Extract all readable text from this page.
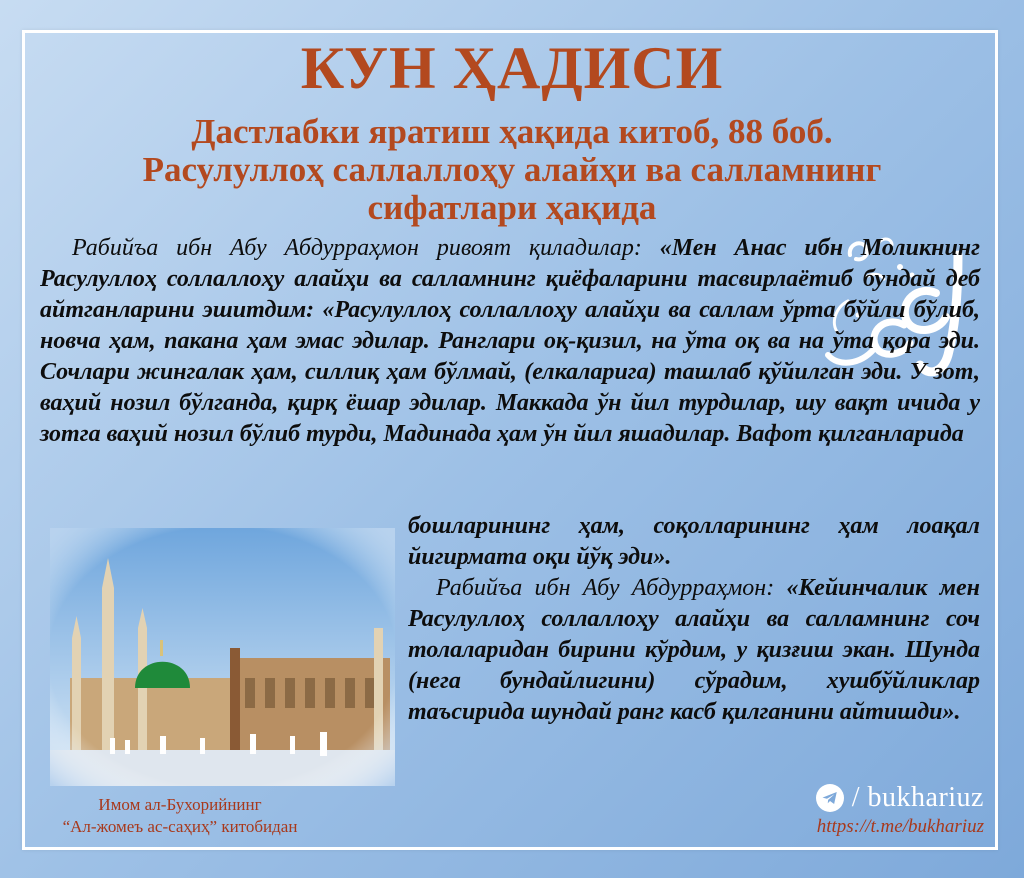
КУН ҲАДИСИ
Дастлабки яратиш ҳақида китоб, 88 боб.
Расулуллоҳ саллаллоҳу алайҳи ва салламнинг
сифатлари ҳақида

Рабийъа ибн Абу Абдурраҳмон ривоят қиладилар: «Мен Анас ибн Моликнинг Расулуллоҳ соллаллоҳу алайҳи ва салламнинг қиёфаларини тасвирлаётиб бундай деб айтганларини эшитдим: «Расулуллоҳ соллаллоҳу алайҳи ва саллам ўрта бўйли бўлиб, новча ҳам, пакана ҳам эмас эдилар. Ранглари оқ-қизил, на ўта оқ ва на ўта қора эди. Сочлари жингалак ҳам, силлиқ ҳам бўлмай, (елкаларига) ташлаб қўйилган эди. У зот, ваҳий нозил бўлганда, қирқ ёшар эдилар. Маккада ўн йил турдилар, шу вақт ичида у зотга ваҳий нозил бўлиб турди, Мадинада ҳам ўн йил яшадилар. Вафот қилганларида

бошларининг ҳам, соқолларининг ҳам лоақал йигирмата оқи йўқ эди».
Рабийъа ибн Абу Абдурраҳмон: «Кейинчалик мен Расулуллоҳ соллаллоҳу алайҳи ва салламнинг соч толаларидан бирини кўрдим, у қизғиш экан. Шунда (нега бундайлигини) сўрадим, хушбўйликлар таъсирида шундай ранг касб қилганини айтишди».

Имом ал-Бухорийнинг
“Ал-жомеъ ас-саҳиҳ” китобидан
/ bukhariuz
https://t.me/bukhariuz
